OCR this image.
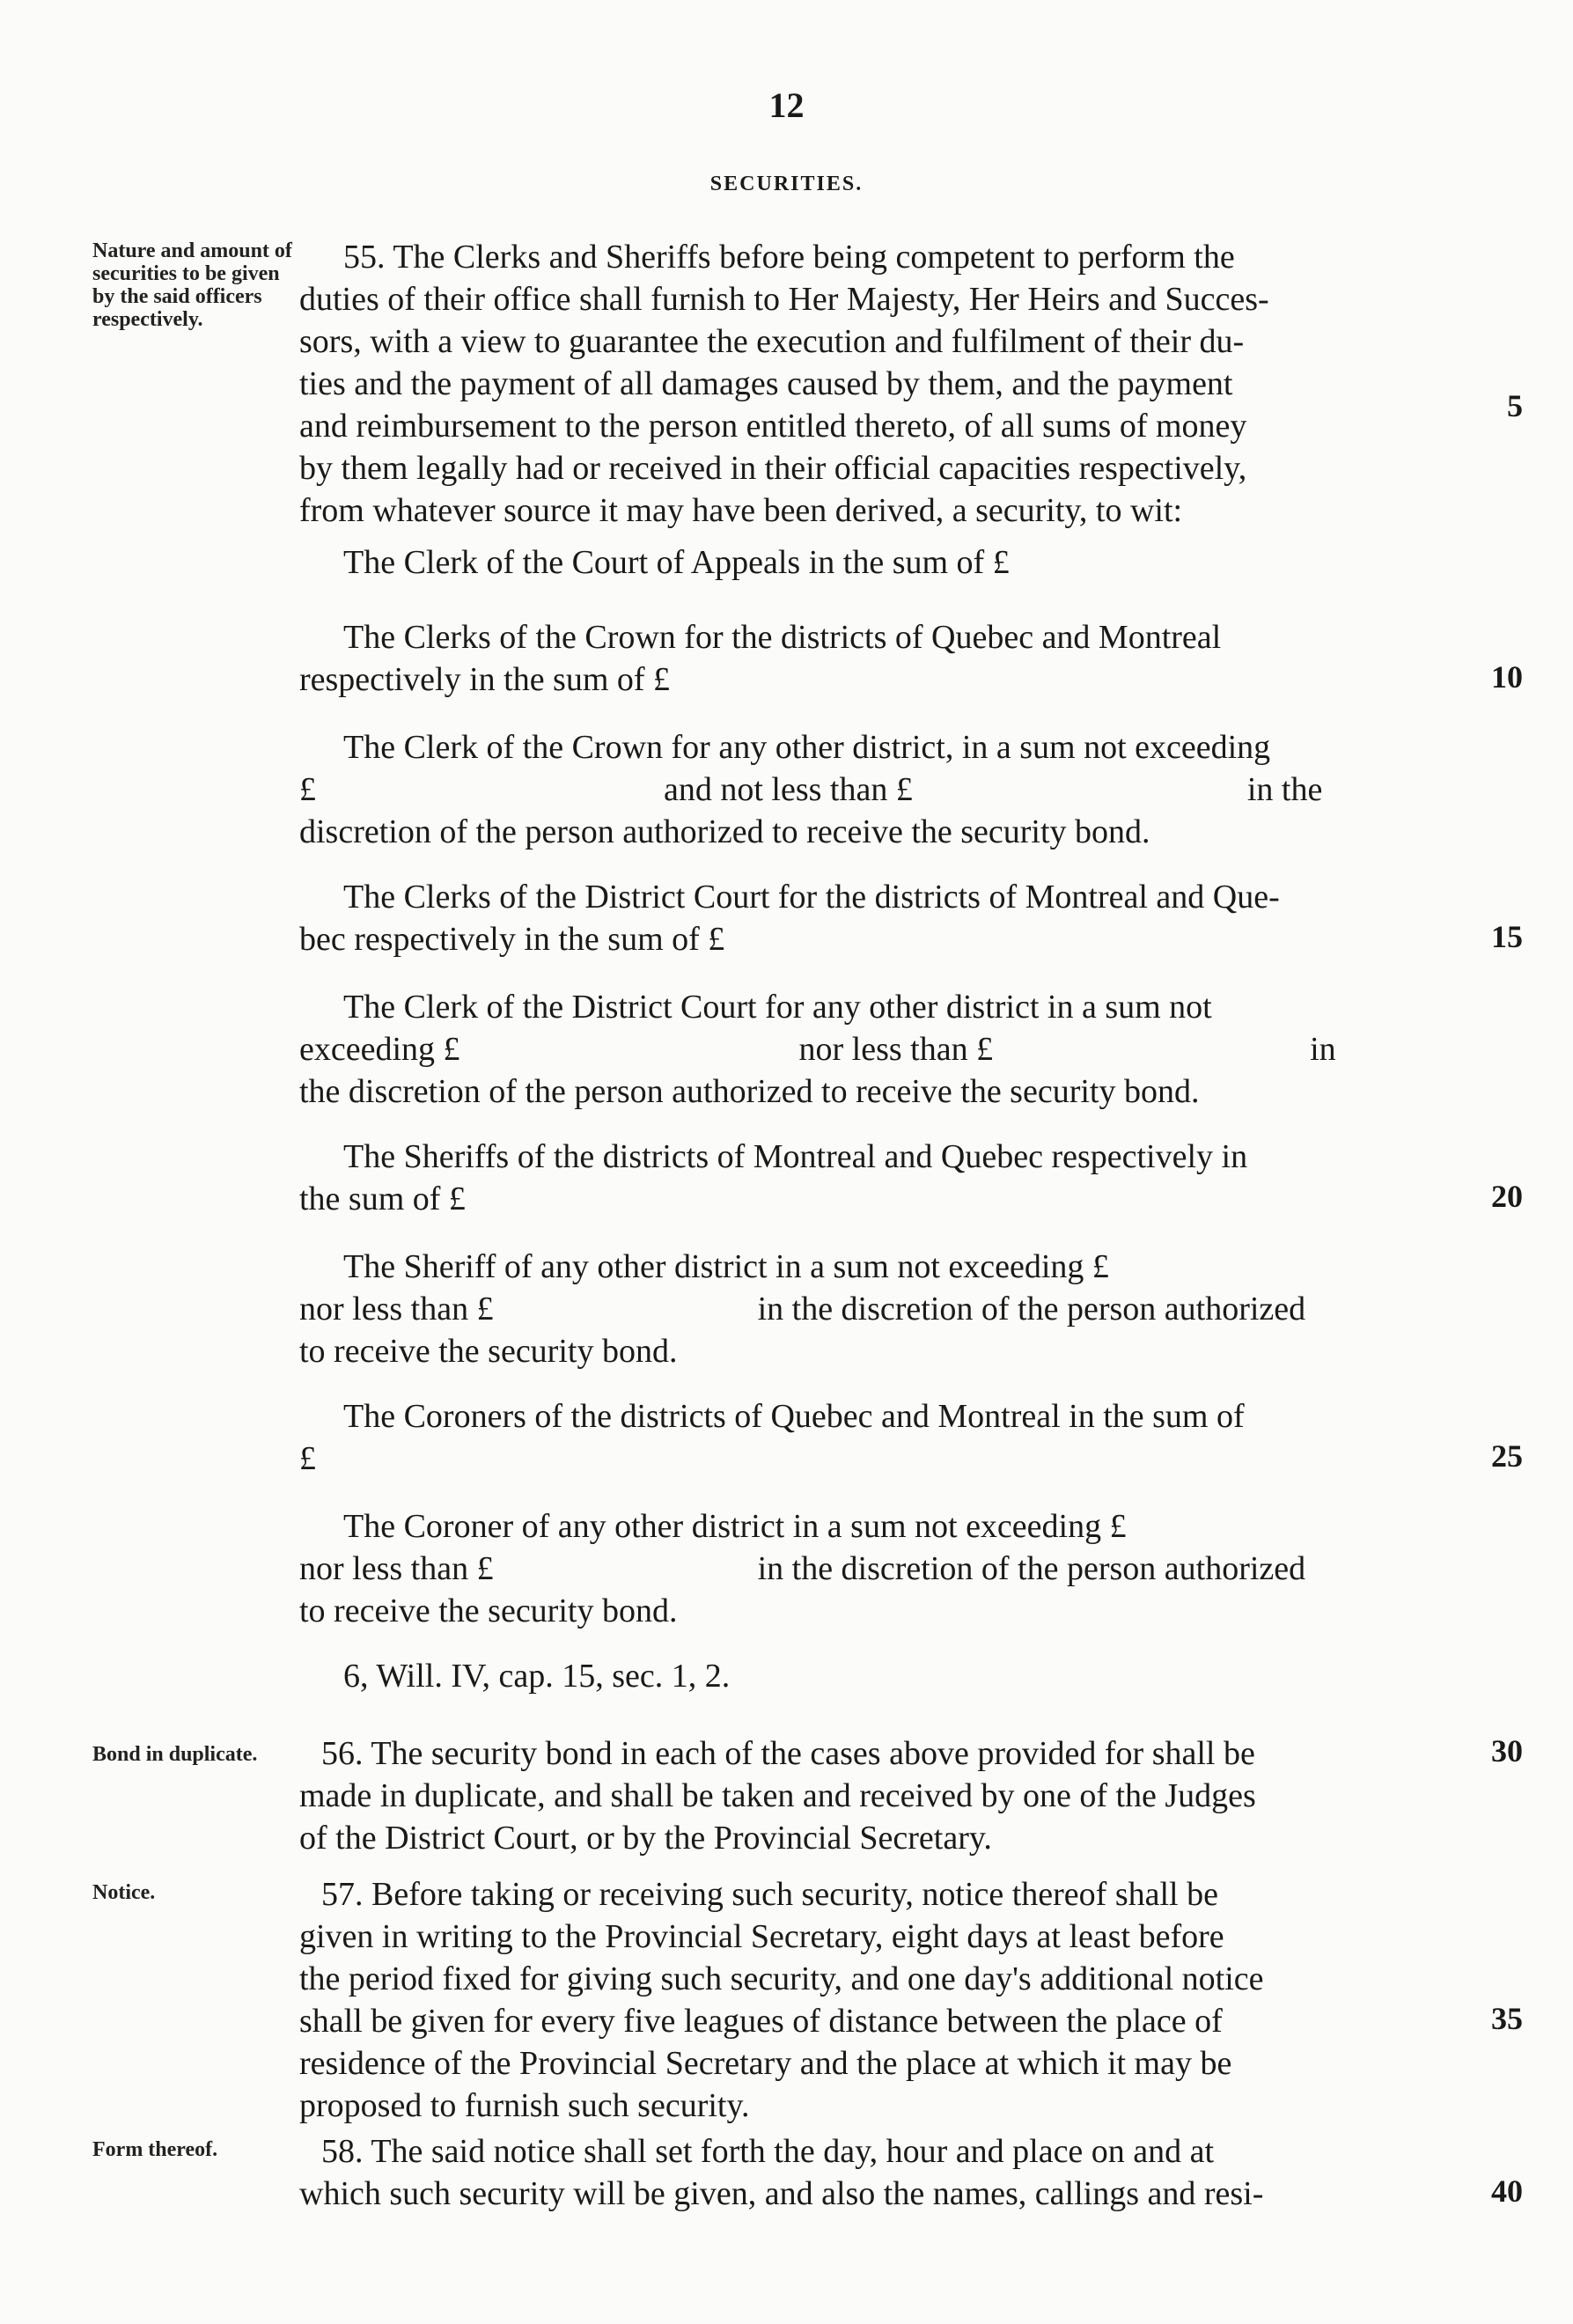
12
SECURITIES.
Nature and amount of securities to be given by the said officers respectively.
Bond in duplicate.
Notice.
Form thereof.
55. The Clerks and Sheriffs before being competent to perform the
duties of their office shall furnish to Her Majesty, Her Heirs and Succes-
sors, with a view to guarantee the execution and fulfilment of their du-
ties and the payment of all damages caused by them, and the payment
and reimbursement to the person entitled thereto, of all sums of money
by them legally had or received in their official capacities respectively,
from whatever source it may have been derived, a security, to wit:
The Clerk of the Court of Appeals in the sum of £
The Clerks of the Crown for the districts of Quebec and Montreal
respectively in the sum of £
The Clerk of the Crown for any other district, in a sum not exceeding
£	and not less than £	in the
discretion of the person authorized to receive the security bond.
The Clerks of the District Court for the districts of Montreal and Que-
bec respectively in the sum of £
The Clerk of the District Court for any other district in a sum not
exceeding £	nor less than £	in
the discretion of the person authorized to receive the security bond.
The Sheriffs of the districts of Montreal and Quebec respectively in
the sum of £
The Sheriff of any other district in a sum not exceeding £
nor less than £	in the discretion of the person authorized
to receive the security bond.
The Coroners of the districts of Quebec and Montreal in the sum of
£
The Coroner of any other district in a sum not exceeding £
nor less than £	in the discretion of the person authorized
to receive the security bond.
6, Will. IV, cap. 15, sec. 1, 2.
56. The security bond in each of the cases above provided for shall be
made in duplicate, and shall be taken and received by one of the Judges
of the District Court, or by the Provincial Secretary.
57. Before taking or receiving such security, notice thereof shall be
given in writing to the Provincial Secretary, eight days at least before
the period fixed for giving such security, and one day's additional notice
shall be given for every five leagues of distance between the place of
residence of the Provincial Secretary and the place at which it may be
proposed to furnish such security.
58. The said notice shall set forth the day, hour and place on and at
which such security will be given, and also the names, callings and resi-
5
10
15
20
25
30
35
40
